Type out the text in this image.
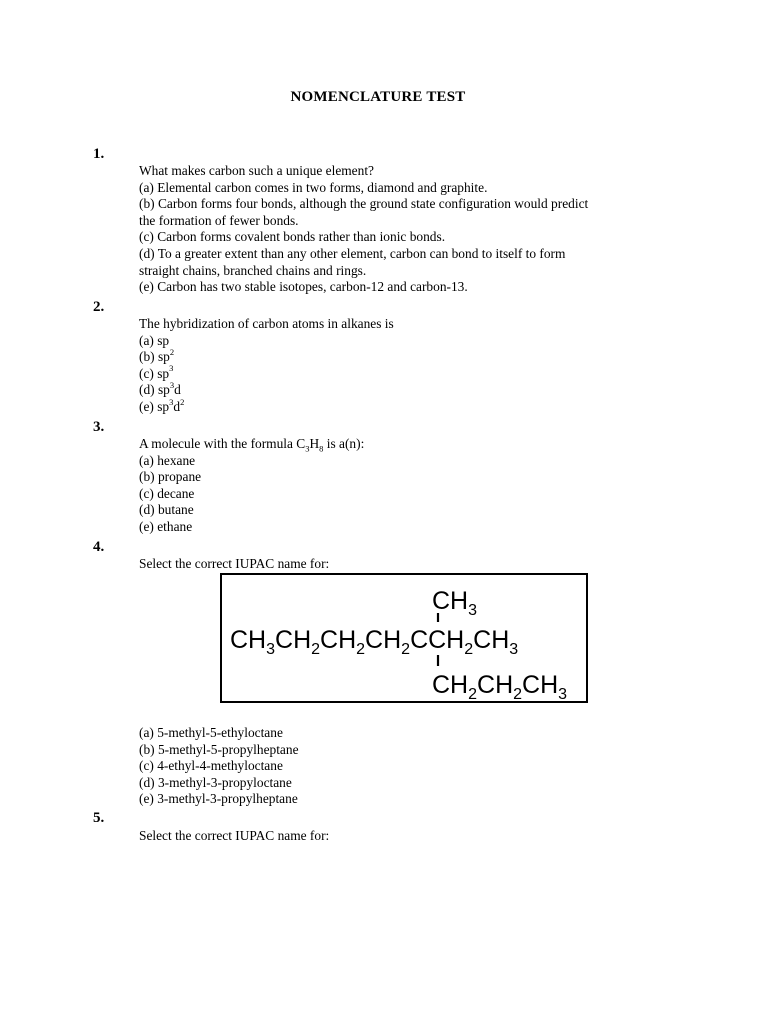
NOMENCLATURE TEST
1.
What makes carbon such a unique element?
(a) Elemental carbon comes in two forms, diamond and graphite.
(b) Carbon forms four bonds, although the ground state configuration would predict
the formation of fewer bonds.
(c) Carbon forms covalent bonds rather than ionic bonds.
(d) To a greater extent than any other element, carbon can bond to itself to form
straight chains, branched chains and rings.
(e) Carbon has two stable isotopes, carbon-12 and carbon-13.
2.
The hybridization of carbon atoms in alkanes is
(a) sp
(b) $sp^2$
(c) $sp^3$
(d) $sp^3d$
(e) $sp^3d^2$
3.
A molecule with the formula $C_3H_8$ is a(n):
(a) hexane
(b) propane
(c) decane
(d) butane
(e) ethane
4.
Select the correct IUPAC name for:
$CH_3$
$CH_3CH_2CH_2CH_2CCH_2CH_3$
$CH_2CH_2CH_3$
(a) 5-methyl-5-ethyloctane
(b) 5-methyl-5-propylheptane
(c) 4-ethyl-4-methyloctane
(d) 3-methyl-3-propyloctane
(e) 3-methyl-3-propylheptane
5.
Select the correct IUPAC name for:
